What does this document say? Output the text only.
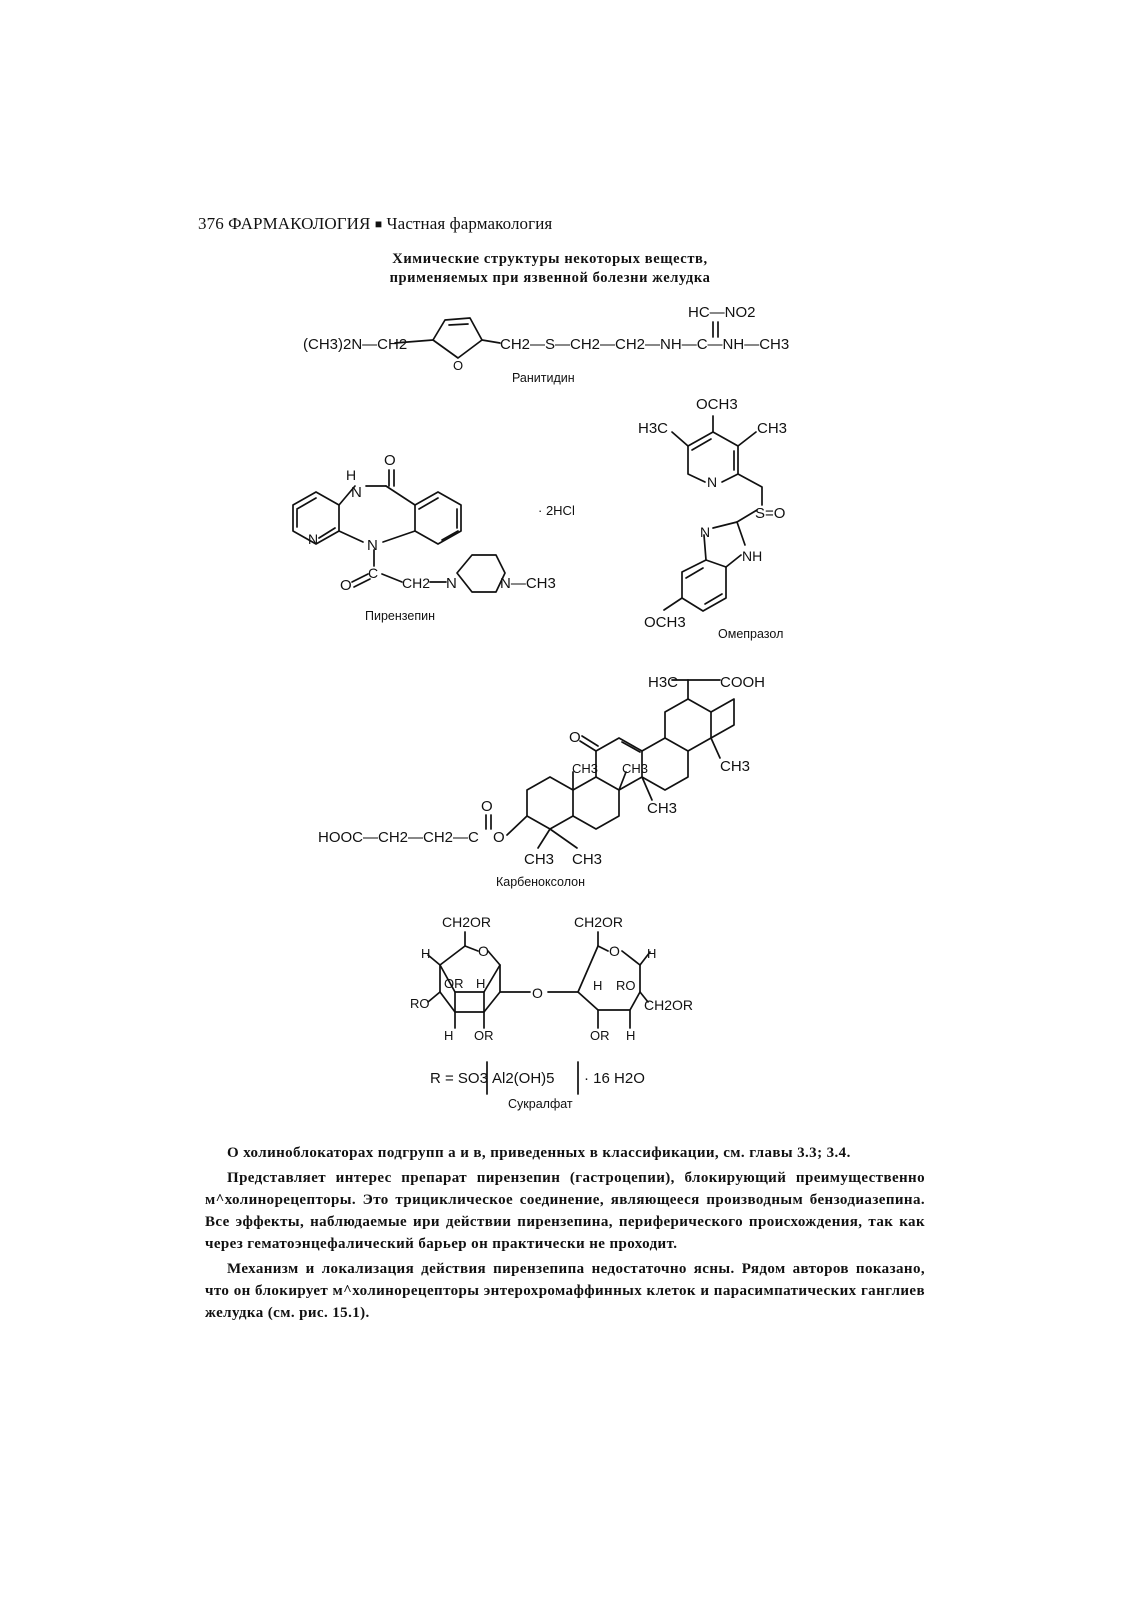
376 ФАРМАКОЛОГИЯ ■ Частная фармакология
Химические структуры некоторых веществ,
применяемых при язвенной болезни желудка
(CH3)2N—CH2	CH2—S—CH2—CH2—NH—C—NH—CH3
HC—NO2
O
Ранитидин
H
N
O
N	N
C
O	CH2 N	N—CH3
· 2HCl
Пирензепин
OCH3
H3C	CH3
N
S=O
N
NH
OCH3
Омепразол
H3C	COOH
O
CH3 CH3	CH3
CH3
O
HOOC—CH2—CH2—C O
CH3 CH3
Карбеноксолон
CH2OR	CH2OR
O	O
H	H
OR H	H RO
O
RO	CH2OR
H OR	OR H
R = SO3 Al2(OH)5 · 16 H2O
Сукралфат

О холиноблокаторах подгрупп а и в, приведенных в классификации, см. главы 3.3; 3.4.

Представляет интерес препарат пирензепин (гастроцепии), блокирующий преимущественно м^холинорецепторы. Это трициклическое соединение, являющееся производным бензодиазепина. Все эффекты, наблюдаемые ири действии пирензепина, периферического происхождения, так как через гематоэнцефалический барьер он практически не проходит.

Механизм и локализация действия пирензепипа недостаточно ясны. Рядом авторов показано, что он блокирует м^холинорецепторы энтерохромаффинных клеток и парасимпатических ганглиев желудка (см. рис. 15.1).
